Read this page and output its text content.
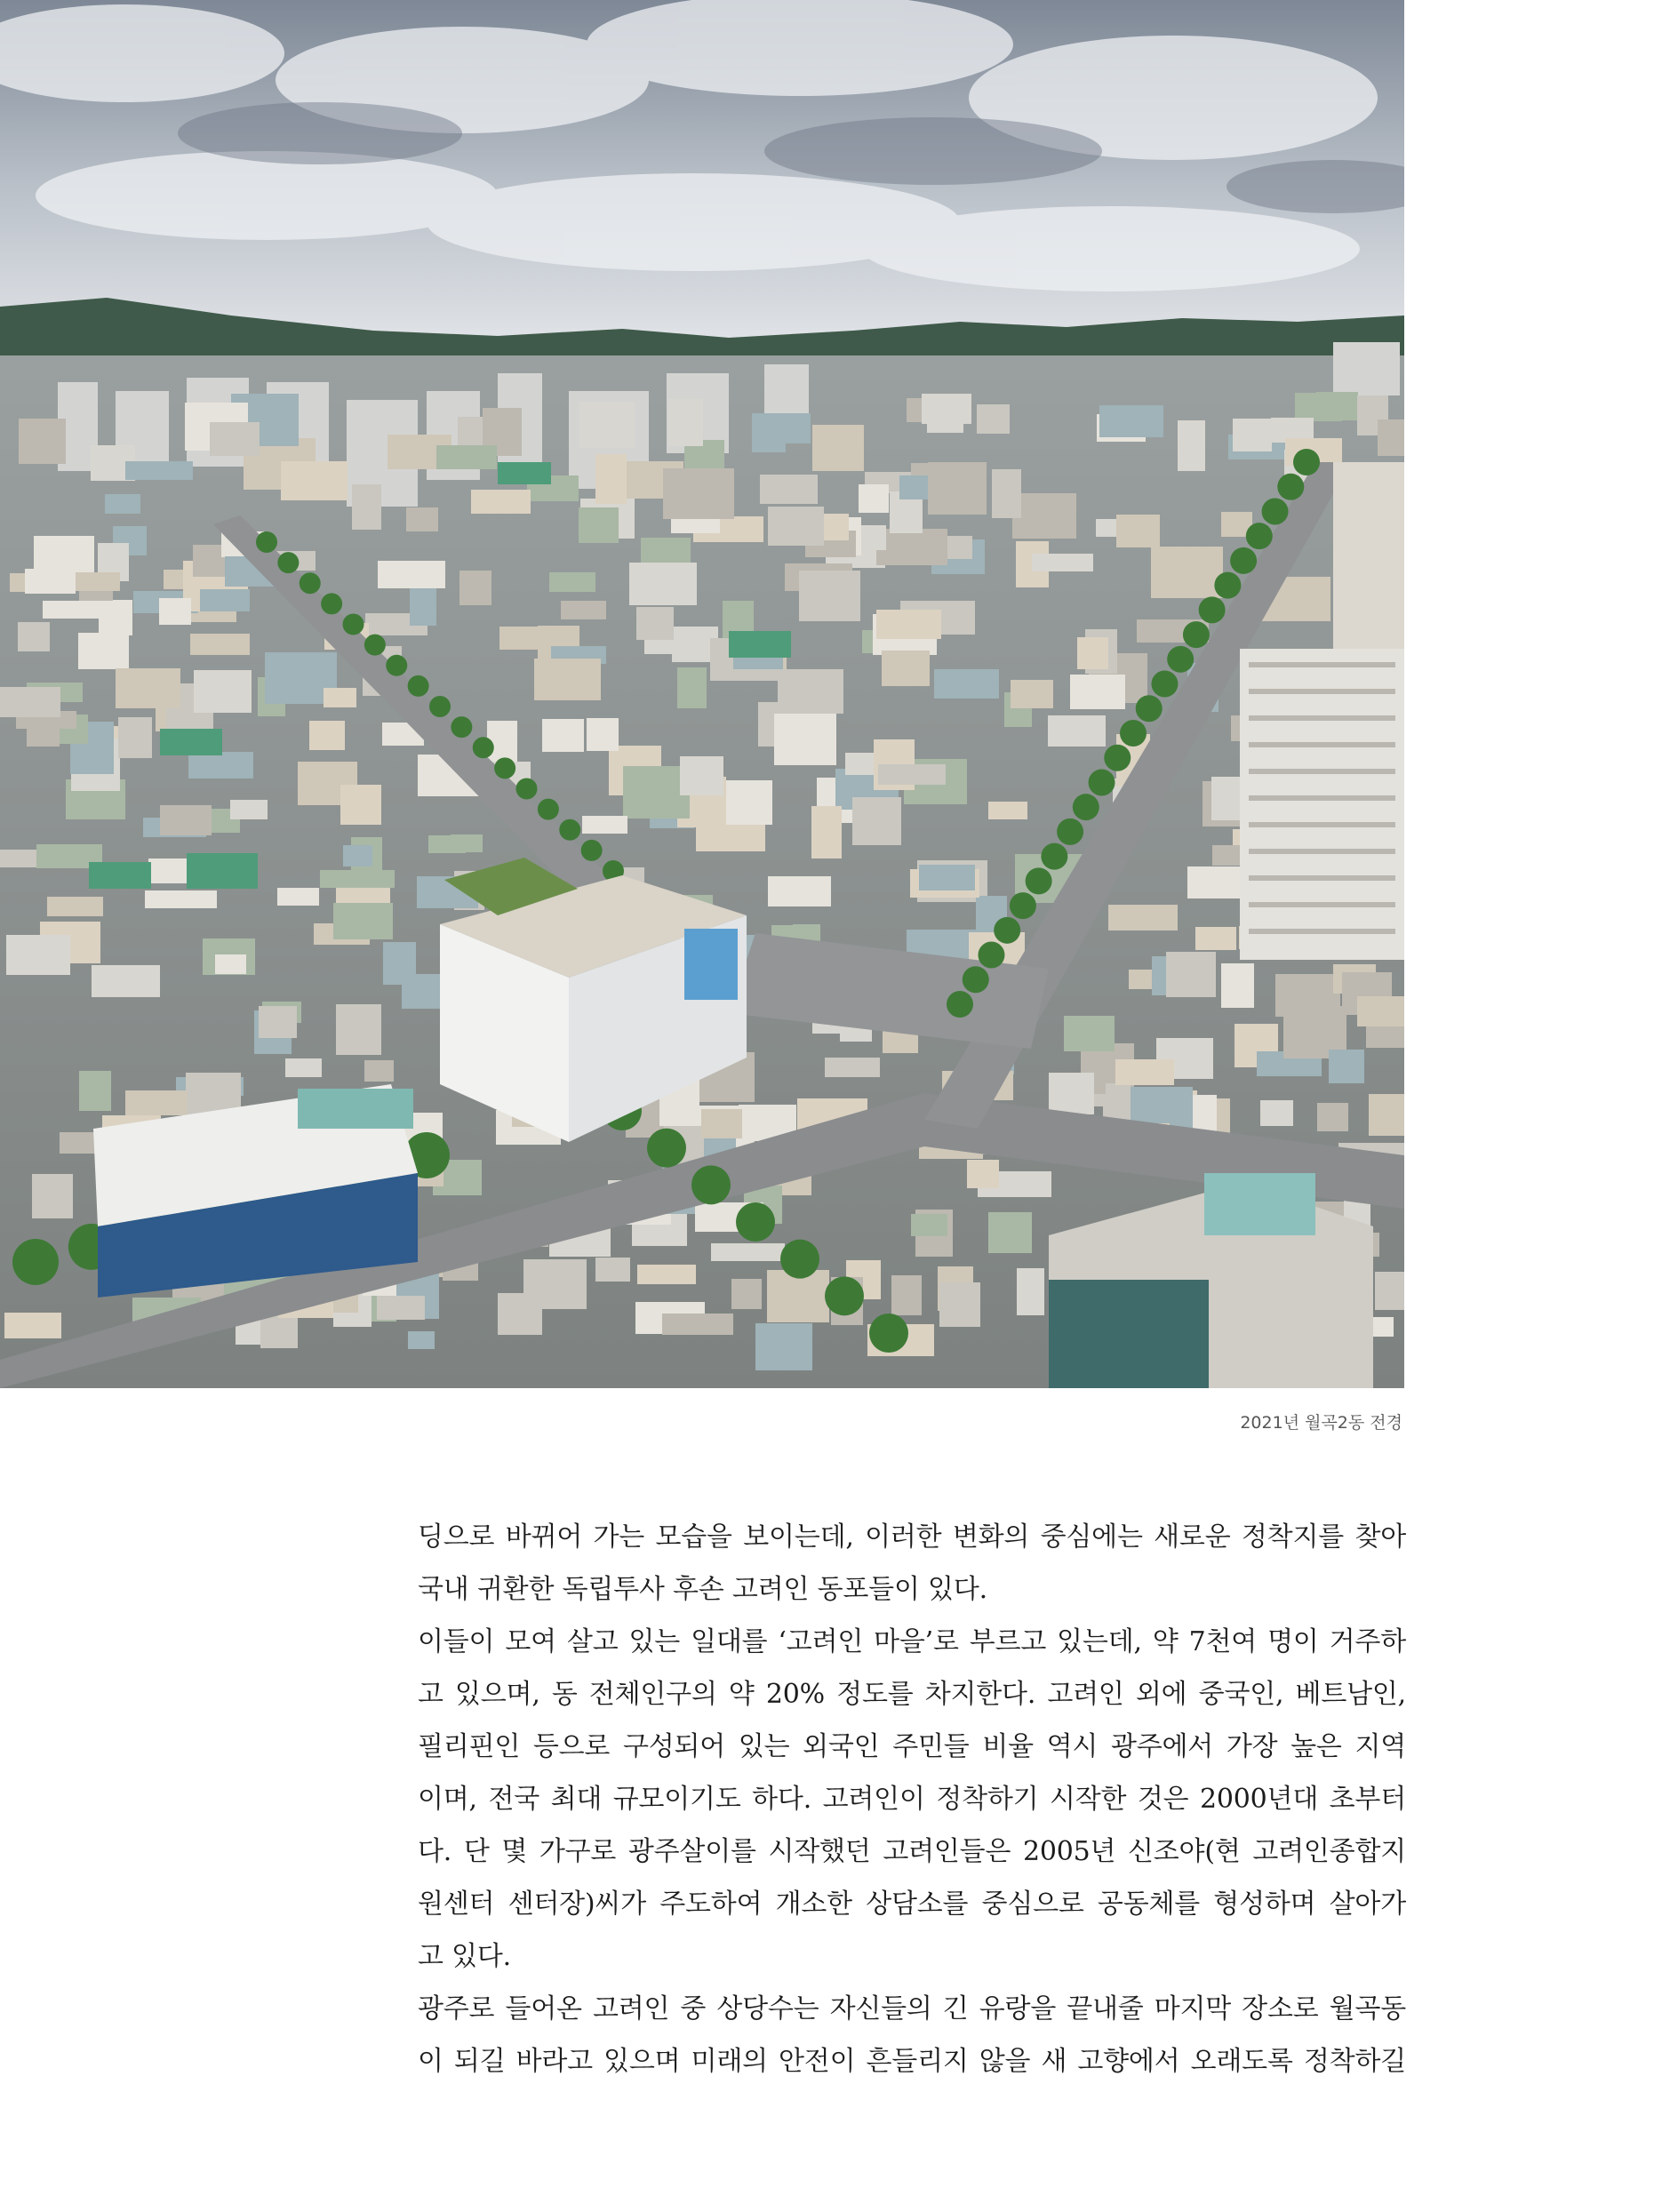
2021년 월곡2동 전경
딩으로 바뀌어 가는 모습을 보이는데, 이러한 변화의 중심에는 새로운 정착지를 찾아
국내 귀환한 독립투사 후손 고려인 동포들이 있다.
이들이 모여 살고 있는 일대를 ‘고려인 마을’로 부르고 있는데, 약 7천여 명이 거주하
고 있으며, 동 전체인구의 약 20% 정도를 차지한다. 고려인 외에 중국인, 베트남인,
필리핀인 등으로 구성되어 있는 외국인 주민들 비율 역시 광주에서 가장 높은 지역
이며, 전국 최대 규모이기도 하다. 고려인이 정착하기 시작한 것은 2000년대 초부터
다. 단 몇 가구로 광주살이를 시작했던 고려인들은 2005년 신조야(현 고려인종합지
원센터 센터장)씨가 주도하여 개소한 상담소를 중심으로 공동체를 형성하며 살아가
고 있다.
광주로 들어온 고려인 중 상당수는 자신들의 긴 유랑을 끝내줄 마지막 장소로 월곡동
이 되길 바라고 있으며 미래의 안전이 흔들리지 않을 새 고향에서 오래도록 정착하길
